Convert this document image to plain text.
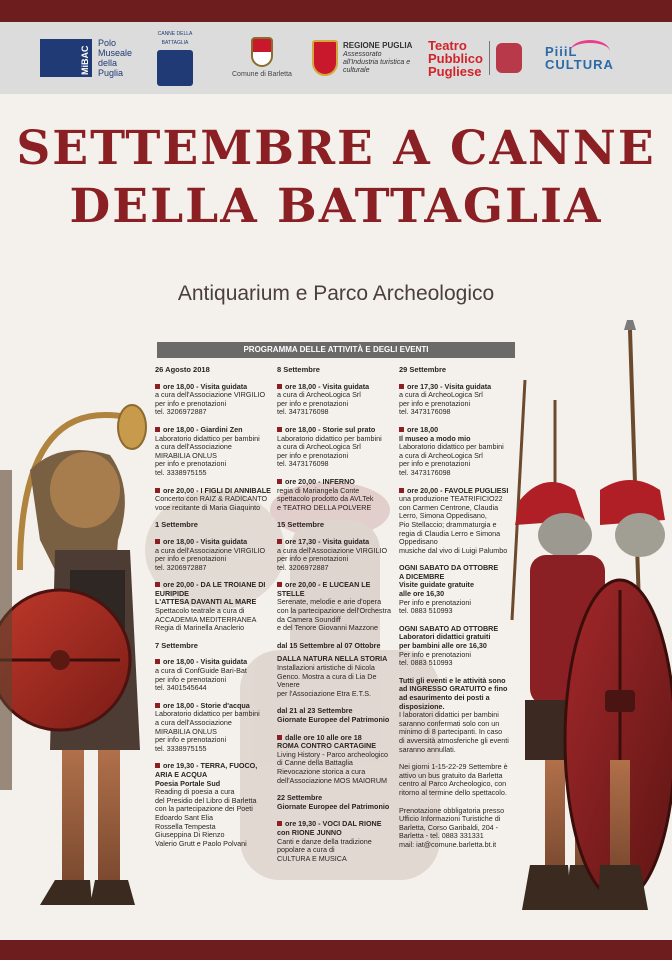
MiBAC
Polo
Museale
della
Puglia
CANNE DELLA BATTAGLIA
Comune di Barletta
REGIONE PUGLIA
Assessorato all'Industria turistica e culturale
Teatro
Pubblico
Pugliese
PiiiL
CULTURA
SETTEMBRE A CANNE
DELLA BATTAGLIA

Antiquarium e Parco Archeologico

PROGRAMMA DELLE ATTIVITÀ E DEGLI EVENTI
26 Agosto 2018
ore 18,00 - Visita guidata
a cura dell'Associazione VIRGILIO
per info e prenotazioni
tel. 3206972887
ore 18,00 - Giardini Zen
Laboratorio didattico per bambini
a cura dell'Associazione
MIRABILIA ONLUS
per info e prenotazioni
tel. 3338975155
ore 20,00 - I FIGLI DI ANNIBALE
Concerto con RAIZ & RADICANTO
voce recitante di Maria Giaquinto
1 Settembre
ore 18,00 - Visita guidata
a cura dell'Associazione VIRGILIO
per info e prenotazioni
tel. 3206972887
ore 20,00 - DA LE TROIANE DI EURIPIDE
L'ATTESA DAVANTI AL MARE
Spettacolo teatrale a cura di
ACCADEMIA MEDITERRANEA
Regia di Marinella Anaclerio
7 Settembre
ore 18,00 - Visita guidata
a cura di ConfGuide Bari-Bat
per info e prenotazioni
tel. 3401545644
ore 18,00 - Storie d'acqua
Laboratorio didattico per bambini
a cura dell'Associazione
MIRABILIA ONLUS
per info e prenotazioni
tel. 3338975155
ore 19,30 - TERRA, FUOCO, ARIA E ACQUA
Poesia Portale Sud
Reading di poesia a cura
del Presidio del Libro di Barletta
con la partecipazione dei Poeti
Edoardo Sant Elia
Rossella Tempesta
Giuseppina Di Rienzo
Valerio Grutt e Paolo Polvani
8 Settembre
ore 18,00 - Visita guidata
a cura di ArcheoLogica Srl
per info e prenotazioni
tel. 3473176098
ore 18,00 - Storie sul prato
Laboratorio didattico per bambini
a cura di ArcheoLogica Srl
per info e prenotazioni
tel. 3473176098
ore 20,00 - INFERNO
regia di Mariangela Conte
spettacolo prodotto da AVLTek
e TEATRO DELLA POLVERE
15 Settembre
ore 17,30 - Visita guidata
a cura dell'Associazione VIRGILIO
per info e prenotazioni
tel. 3206972887
ore 20,00 - E LUCEAN LE STELLE
Serenate, melodie e arie d'opera
con la partecipazione dell'Orchestra
da Camera Soundiff
e del Tenore Giovanni Mazzone
dal 15 Settembre al 07 Ottobre
DALLA NATURA NELLA STORIA
Installazioni artistiche di Nicola
Genco. Mostra a cura di Lia De Venere
per l'Associazione Etra E.T.S.
dal 21 al 23 Settembre
Giornate Europee del Patrimonio
dalle ore 10 alle ore 18
ROMA CONTRO CARTAGINE
Living History - Parco archeologico
di Canne della Battaglia
Rievocazione storica a cura
dell'Associazione MOS MAIORUM
22 Settembre
Giornate Europee del Patrimonio
ore 19,30 - VOCI DAL RIONE
con RIONE JUNNO
Canti e danze della tradizione
popolare a cura di
CULTURA E MUSICA
29 Settembre
ore 17,30 - Visita guidata
a cura di ArcheoLogica Srl
per info e prenotazioni
tel. 3473176098
ore 18,00
Il museo a modo mio
Laboratorio didattico per bambini
a cura di ArcheoLogica Srl
per info e prenotazioni
tel. 3473176098
ore 20,00 - FAVOLE PUGLIESI
una produzione TEATRIFICIO22
con Carmen Centrone, Claudia
Lerro, Simona Oppedisano,
Pio Stellaccio; drammaturgia e
regia di Claudia Lerro e Simona
Oppedisano
musiche dal vivo di Luigi Palumbo
OGNI SABATO DA OTTOBRE
A DICEMBRE
Visite guidate gratuite
alle ore 16,30
Per info e prenotazioni
tel. 0883 510993
OGNI SABATO AD OTTOBRE
Laboratori didattici gratuiti
per bambini alle ore 16,30
Per info e prenotazioni
tel. 0883 510993
Tutti gli eventi e le attività sono
ad INGRESSO GRATUITO e fino
ad esaurimento dei posti a
disposizione.
I laboratori didattici per bambini
saranno confermati solo con un
minimo di 8 partecipanti. In caso
di avversità atmosferiche gli eventi
saranno annullati.
Nei giorni 1-15-22-29 Settembre è
attivo un bus gratuito da Barletta
centro al Parco Archeologico, con
ritorno al termine dello spettacolo.
Prenotazione obbligatoria presso
Ufficio Informazioni Turistiche di
Barletta, Corso Garibaldi, 204 -
Barletta - tel. 0883 331331
mail: iat@comune.barletta.bt.it
